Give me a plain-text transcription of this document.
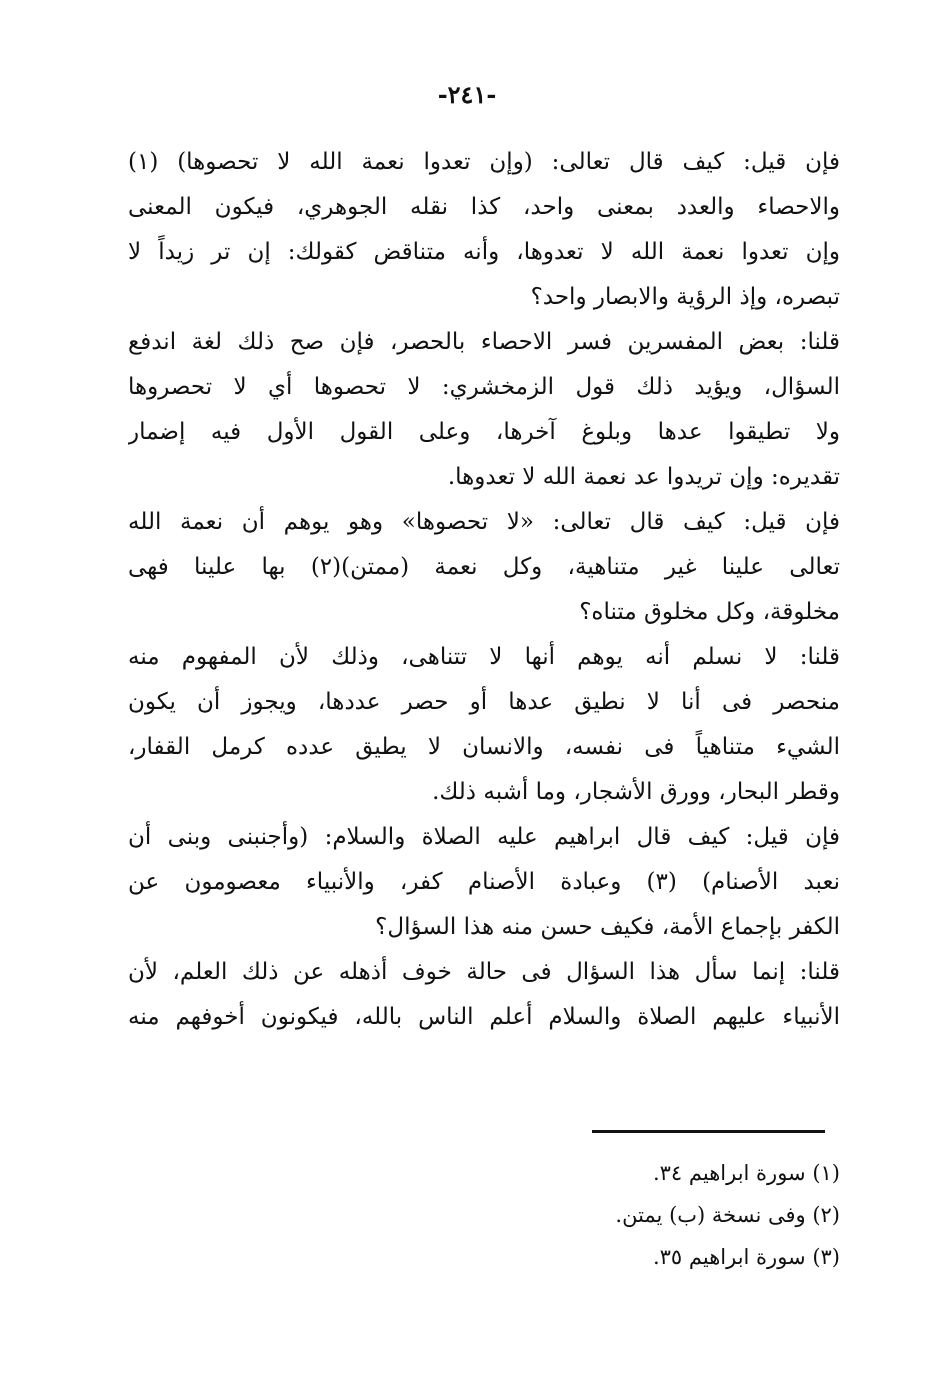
-٢٤١-
فإن قيل: كيف قال تعالى: (وإن تعدوا نعمة الله لا تحصوها) (١)
والاحصاء والعدد بمعنى واحد، كذا نقله الجوهري، فيكون المعنى
وإن تعدوا نعمة الله لا تعدوها، وأنه متناقض كقولك: إن تر زيداً لا
تبصره، وإذ الرؤية والابصار واحد؟
قلنا: بعض المفسرين فسر الاحصاء بالحصر، فإن صح ذلك لغة اندفع
السؤال، ويؤيد ذلك قول الزمخشري: لا تحصوها أي لا تحصروها
ولا تطيقوا عدها وبلوغ آخرها، وعلى القول الأول فيه إضمار
تقديره: وإن تريدوا عد نعمة الله لا تعدوها.
فإن قيل: كيف قال تعالى: «لا تحصوها» وهو يوهم أن نعمة الله
تعالى علينا غير متناهية، وكل نعمة (ممتن)(٢) بها علينا فهى
مخلوقة، وكل مخلوق متناه؟
قلنا: لا نسلم أنه يوهم أنها لا تتناهى، وذلك لأن المفهوم منه
منحصر فى أنا لا نطيق عدها أو حصر عددها، ويجوز أن يكون
الشيء متناهياً فى نفسه، والانسان لا يطيق عدده كرمل القفار،
وقطر البحار، وورق الأشجار، وما أشبه ذلك.
فإن قيل: كيف قال ابراهيم عليه الصلاة والسلام: (وأجنبنى وبنى أن
نعبد الأصنام) (٣) وعبادة الأصنام كفر، والأنبياء معصومون عن
الكفر بإجماع الأمة، فكيف حسن منه هذا السؤال؟
قلنا: إنما سأل هذا السؤال فى حالة خوف أذهله عن ذلك العلم، لأن
الأنبياء عليهم الصلاة والسلام أعلم الناس بالله، فيكونون أخوفهم منه
(١) سورة ابراهيم ٣٤.
(٢) وفى نسخة (ب) يمتن.
(٣) سورة ابراهيم ٣٥.
